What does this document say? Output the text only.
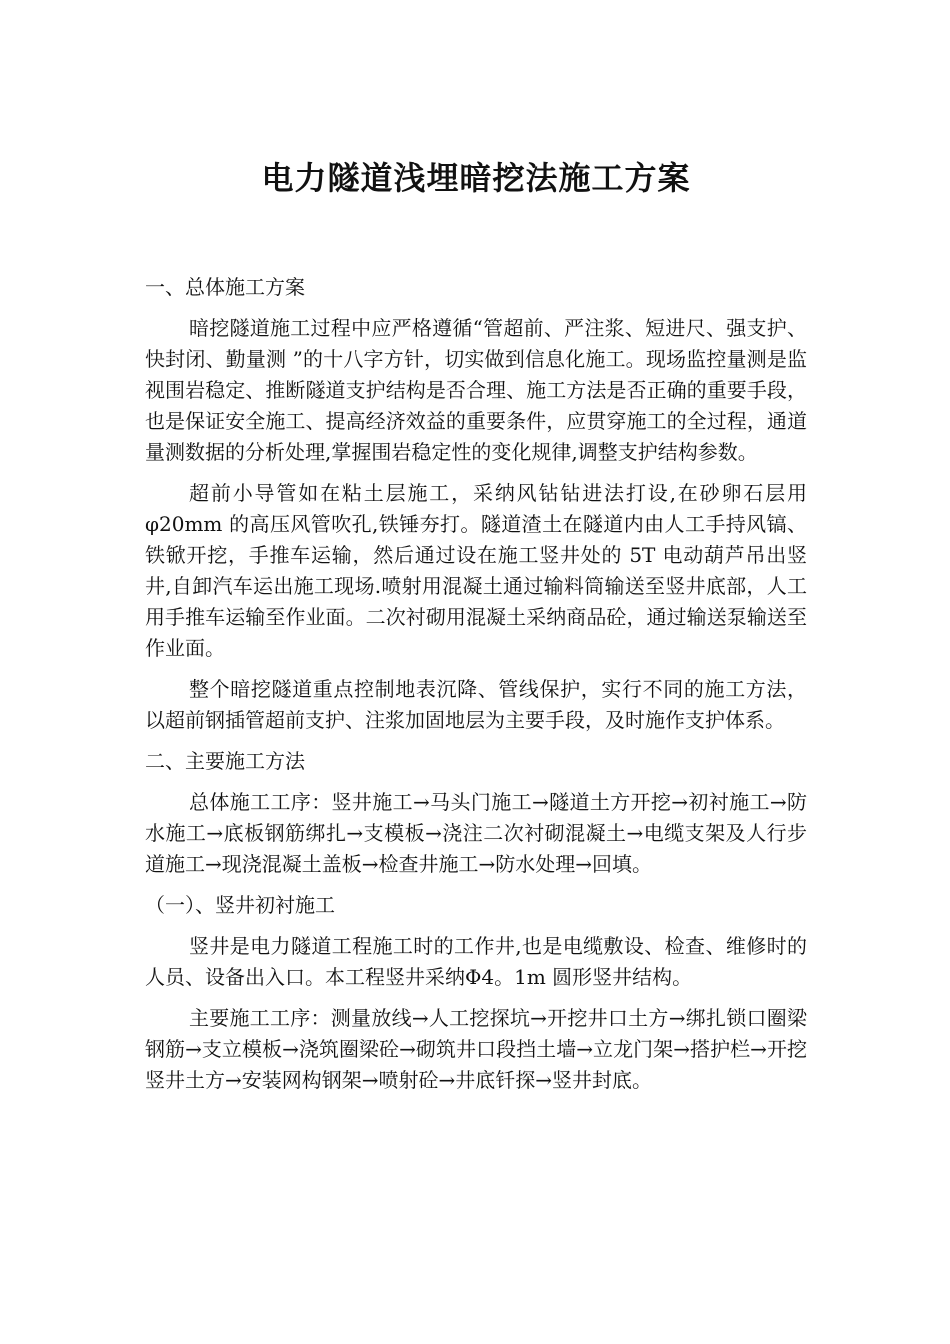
电力隧道浅埋暗挖法施工方案
一、总体施工方案
暗挖隧道施工过程中应严格遵循“管超前、严注浆、短进尺、强支护、快封闭、勤量测 ”的十八字方针，切实做到信息化施工。现场监控量测是监视围岩稳定、推断隧道支护结构是否合理、施工方法是否正确的重要手段，也是保证安全施工、提高经济效益的重要条件，应贯穿施工的全过程，通道量测数据的分析处理,掌握围岩稳定性的变化规律,调整支护结构参数。
超前小导管如在粘土层施工，采纳风钻钻进法打设,在砂卵石层用 φ20mm 的高压风管吹孔,铁锤夯打。隧道渣土在隧道内由人工手持风镐、铁锨开挖，手推车运输，然后通过设在施工竖井处的 5T 电动葫芦吊出竖井,自卸汽车运出施工现场.喷射用混凝土通过输料筒输送至竖井底部，人工用手推车运输至作业面。二次衬砌用混凝土采纳商品砼，通过输送泵输送至作业面。
整个暗挖隧道重点控制地表沉降、管线保护，实行不同的施工方法，以超前钢插管超前支护、注浆加固地层为主要手段，及时施作支护体系。
二、主要施工方法
总体施工工序：竖井施工→马头门施工→隧道土方开挖→初衬施工→防水施工→底板钢筋绑扎→支模板→浇注二次衬砌混凝土→电缆支架及人行步道施工→现浇混凝土盖板→检查井施工→防水处理→回填。
（一）、竖井初衬施工
竖井是电力隧道工程施工时的工作井,也是电缆敷设、检查、维修时的人员、设备出入口。本工程竖井采纳Φ4。1m 圆形竖井结构。
主要施工工序：测量放线→人工挖探坑→开挖井口土方→绑扎锁口圈梁钢筋→支立模板→浇筑圈梁砼→砌筑井口段挡土墙→立龙门架→搭护栏→开挖竖井土方→安装网构钢架→喷射砼→井底钎探→竖井封底。
